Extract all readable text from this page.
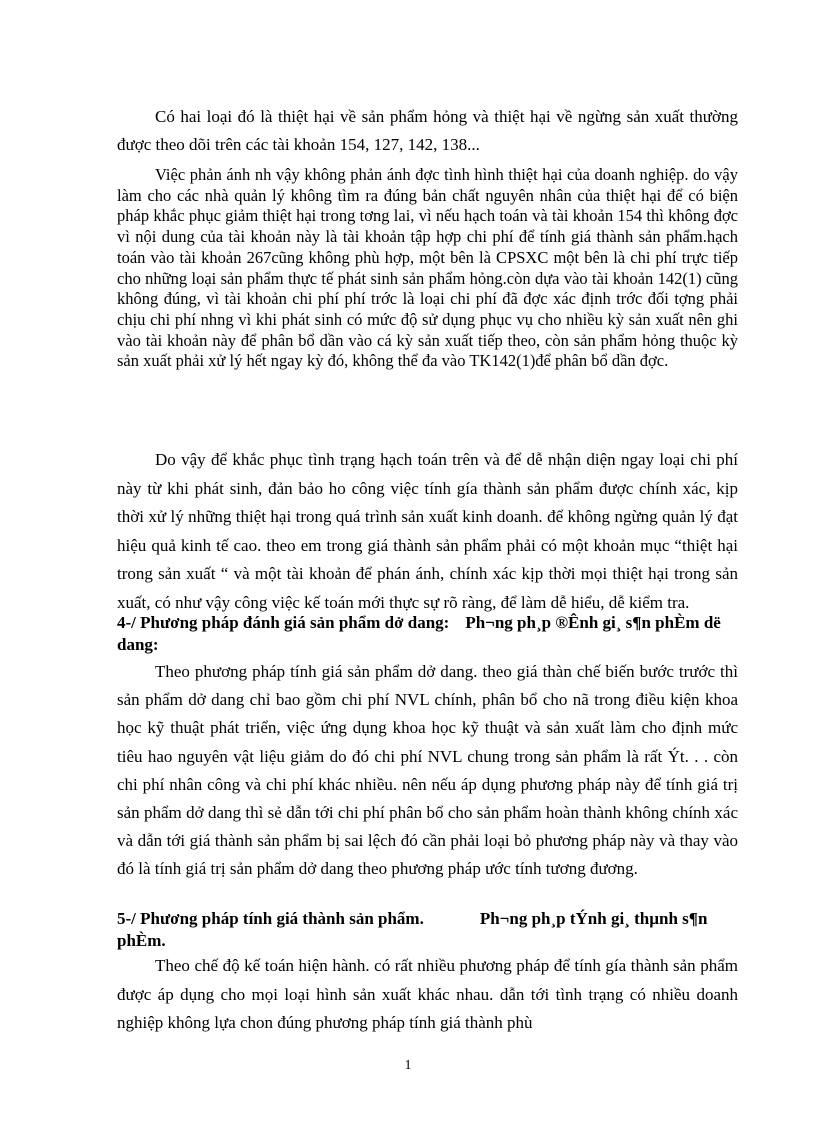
Có hai loại đó là thiệt hại về sản phẩm hỏng và thiệt hại về ngừng sản xuất thường được theo dõi trên các tài khoản 154, 127, 142, 138...

Việc phản ánh nh vậy không phản ánh đợc tình hình thiệt hại của doanh nghiệp. do vậy làm cho các nhà quản lý không tìm ra đúng bản chất nguyên nhân của thiệt hại để có biện pháp khắc phục giảm thiệt hại trong tơng lai, vì nếu hạch toán và tài khoản 154 thì không đợc vì nội dung của tài khoản này là tài khoản tập hợp chi phí để tính giá thành sản phẩm.hạch toán vào tài khoản 267cũng không phù hợp, một bên là CPSXC một bên là chi phí trực tiếp cho những loại sản phẩm thực tế phát sinh sản phẩm hỏng.còn dựa vào tài khoản 142(1) cũng không đúng, vì tài khoản chi phí phí trớc là loại chi phí đã đợc xác định trớc đối tợng phải chịu chi phí nhng vì khi phát sinh có mức độ sử dụng phục vụ cho nhiều kỳ sản xuất nên ghi vào tài khoản này để phân bổ dần vào cá kỳ sản xuất tiếp theo, còn sản phẩm hỏng thuộc kỳ sản xuất phải xử lý hết ngay kỳ đó, không thể đa vào TK142(1)để phân bổ dần đợc.

Do vậy để khắc phục tình trạng hạch toán trên và để dễ nhận diện ngay loại chi phí này từ khi phát sinh, đản bảo ho công việc tính gía thành sản phẩm được chính xác, kịp thời xử lý những thiệt hại trong quá trình sản xuất kinh doanh. để không ngừng quản lý đạt hiệu quả kinh tế cao. theo em trong giá thành sản phẩm phải có một khoản mục “thiệt hại trong sản xuất “ và một tài khoản để phán ánh, chính xác kịp thời mọi thiệt hại trong sản xuất, có như vậy công việc kế toán mới thực sự rõ ràng, để làm dễ hiểu, dễ kiểm tra.

4-/ Phương pháp đánh giá sản phẩm dở dang: Ph¬ng ph¸p ®Ênh gi¸ s¶n phÈm dë dang:

Theo phương pháp tính giá sản phẩm dở dang. theo giá thàn chế biến bước trước thì sản phẩm dở dang chỉ bao gồm chi phí NVL chính, phân bổ cho nã trong điều kiện khoa học kỹ thuật phát triển, việc ứng dụng khoa học kỹ thuật và sản xuất làm cho định mức tiêu hao nguyên vật liệu giảm do đó chi phí NVL chung trong sản phẩm là rất Ýt. . . còn chi phí nhân công và chi phí khác nhiều. nên nếu áp dụng phương pháp này để tính giá trị sản phẩm dở dang thì sẻ dẫn tới chi phí phân bổ cho sản phẩm hoàn thành không chính xác và dẫn tới giá thành sản phẩm bị sai lệch đó cần phải loại bỏ phương pháp này và thay vào đó là tính giá trị sản phẩm dở dang theo phương pháp ước tính tương đương.

5-/ Phương pháp tính giá thành sản phẩm.	Ph¬ng ph¸p tÝnh gi¸ thµnh s¶n phÈm.

Theo chế độ kế toán hiện hành. có rất nhiều phương pháp để tính gía thành sản phẩm được áp dụng cho mọi loại hình sản xuất khác nhau. dẫn tới tình trạng có nhiều doanh nghiệp không lựa chon đúng phương pháp tính giá thành phù

1
